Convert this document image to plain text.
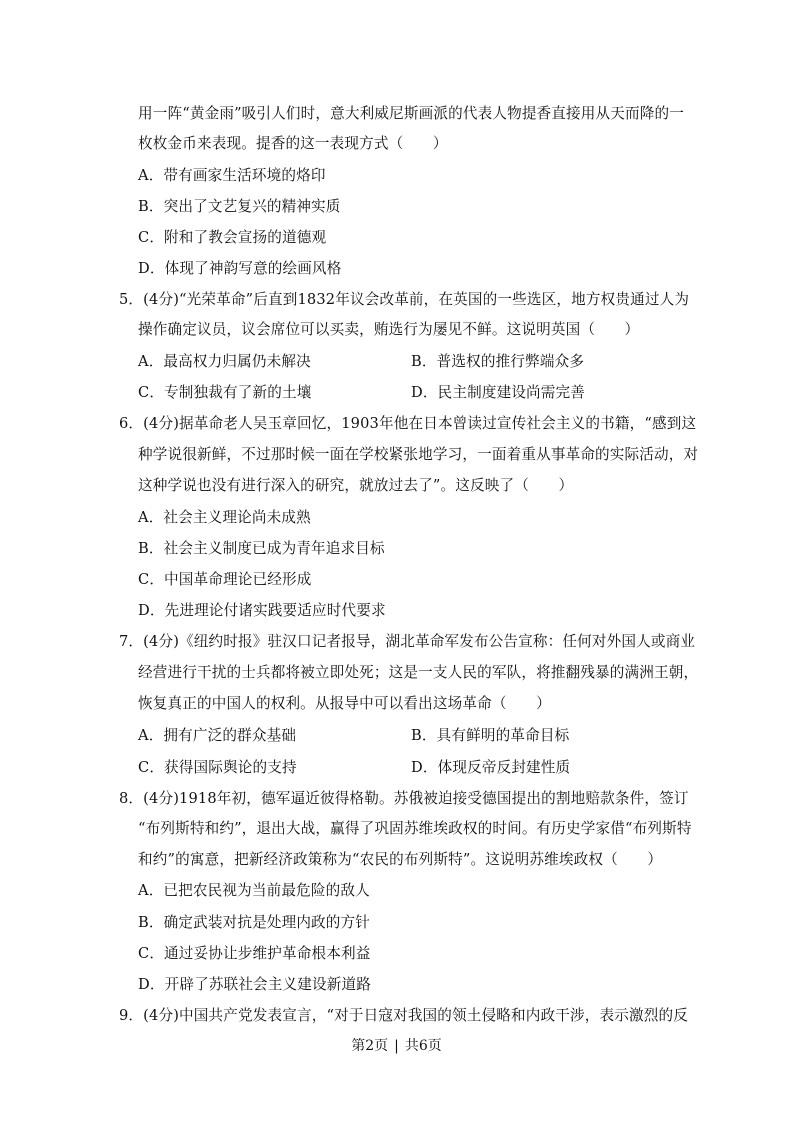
用一阵“黄金雨”吸引人们时，意大利威尼斯画派的代表人物提香直接用从天而降的一
枚枚金币来表现。提香的这一表现方式（　　）
A．带有画家生活环境的烙印
B．突出了文艺复兴的精神实质
C．附和了教会宣扬的道德观
D．体现了神韵写意的绘画风格
5．(4分)“光荣革命”后直到1832年议会改革前，在英国的一些选区，地方权贵通过人为
操作确定议员，议会席位可以买卖，贿选行为屡见不鲜。这说明英国（　　）
A．最高权力归属仍未解决	B．普选权的推行弊端众多
C．专制独裁有了新的土壤	D．民主制度建设尚需完善
6．(4分)据革命老人吴玉章回忆，1903年他在日本曾读过宣传社会主义的书籍，“感到这
种学说很新鲜，不过那时候一面在学校紧张地学习，一面着重从事革命的实际活动，对
这种学说也没有进行深入的研究，就放过去了”。这反映了（　　）
A．社会主义理论尚未成熟
B．社会主义制度已成为青年追求目标
C．中国革命理论已经形成
D．先进理论付诸实践要适应时代要求
7．(4分)《纽约时报》驻汉口记者报导，湖北革命军发布公告宣称：任何对外国人或商业
经营进行干扰的士兵都将被立即处死；这是一支人民的军队，将推翻残暴的满洲王朝，
恢复真正的中国人的权利。从报导中可以看出这场革命（　　）
A．拥有广泛的群众基础	B．具有鲜明的革命目标
C．获得国际舆论的支持	D．体现反帝反封建性质
8．(4分)1918年初，德军逼近彼得格勒。苏俄被迫接受德国提出的割地赔款条件，签订
“布列斯特和约”，退出大战，赢得了巩固苏维埃政权的时间。有历史学家借“布列斯特
和约”的寓意，把新经济政策称为“农民的布列斯特”。这说明苏维埃政权（　　）
A．已把农民视为当前最危险的敌人
B．确定武装对抗是处理内政的方针
C．通过妥协让步维护革命根本利益
D．开辟了苏联社会主义建设新道路
9．(4分)中国共产党发表宣言，“对于日寇对我国的领土侵略和内政干涉，表示激烈的反
第2页 | 共6页
